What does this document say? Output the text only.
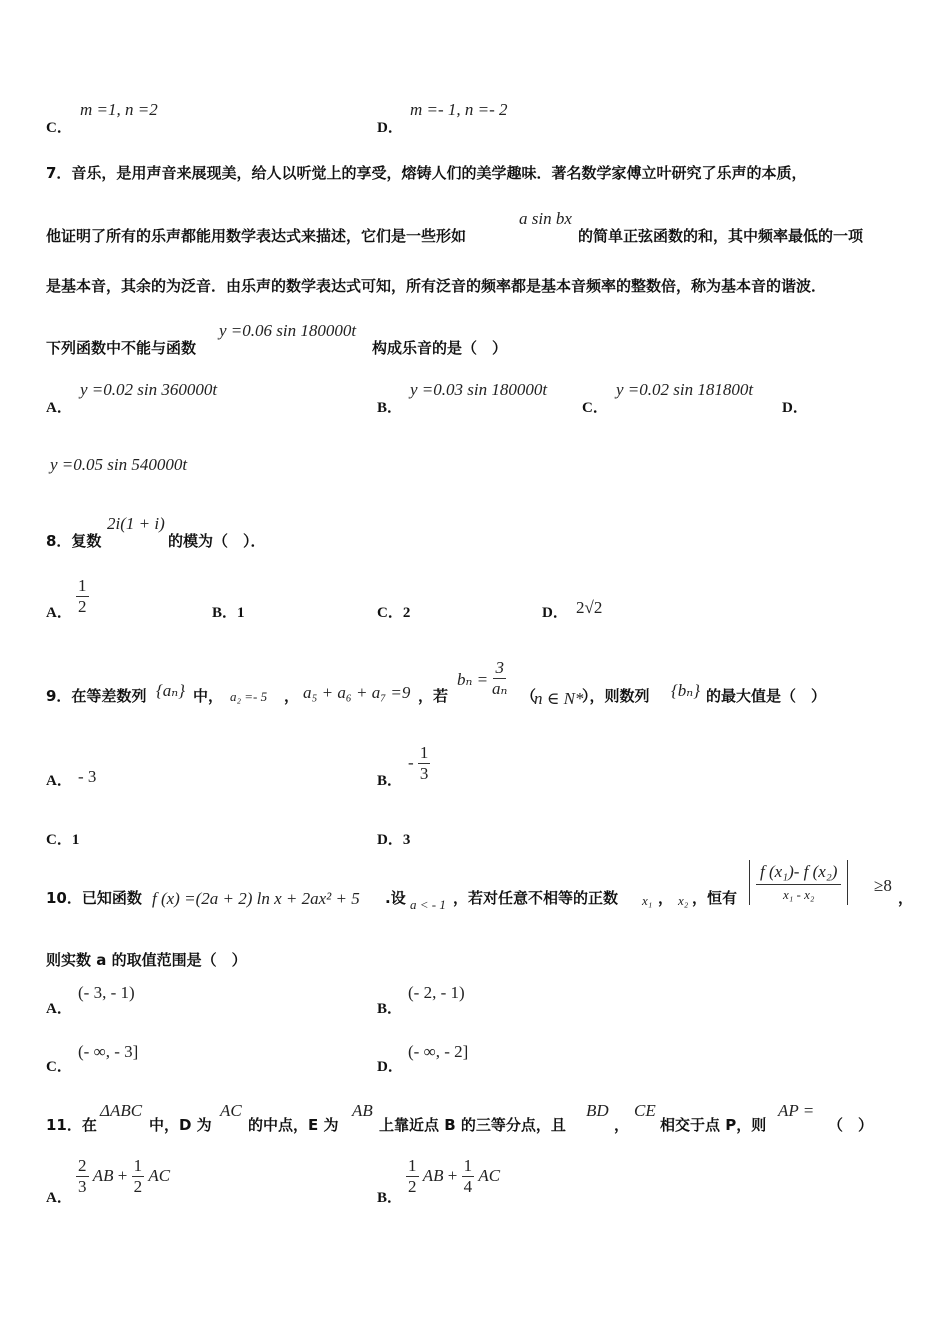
C．
m =1, n =2
D．
m =- 1, n =- 2
7．音乐，是用声音来展现美，给人以听觉上的享受，熔铸人们的美学趣味．著名数学家傅立叶研究了乐声的本质，
他证明了所有的乐声都能用数学表达式来描述，它们是一些形如
a sin bx
的简单正弦函数的和，其中频率最低的一项
是基本音，其余的为泛音．由乐声的数学表达式可知，所有泛音的频率都是基本音频率的整数倍，称为基本音的谐波．
下列函数中不能与函数
y =0.06 sin 180000t
构成乐音的是（　）
A．
y =0.02 sin 360000t
B．
y =0.03 sin 180000t
C．
y =0.02 sin 181800t
D．
y =0.05 sin 540000t
8．复数
2i(1 + i)
的模为（　）．
A． $\frac{1}{2}$	B．1	C．2	D． 2√2
9．在等差数列 {aₙ} 中， a₂ =- 5 ， a₅ + a₆ + a₇ =9 ，若
$b_n = \frac{3}{\text{aₙ}}$ （
n ∈ N*
），则数列 {bₙ} 的最大值是（　）
A． - 3	B．
- $\frac{1}{3}$
C．1	D．3
10．已知函数 f (x) =(2a + 2) ln x + 2ax² + 5 .设 a < - 1 ，若对任意不相等的正数 x₁ ， x₂ ，恒有 $\frac{\text{f (x₁)- f (x₂)}}{\text{x₁ - x₂}} \ge 8$
，
则实数 a 的取值范围是（　）
A．
(- 3, - 1)
B．
(- 2, - 1)
C．
(- ∞, - 3]
D．
(- ∞, - 2]
11．在
ΔABC
中，D 为
AC
的中点，E 为
AB
上靠近点 B 的三等分点，且
BD
，
CE
相交于点 P，则
AP =
（　）
A．
$\frac{2}{3}$ AB + $\frac{1}{2}$ AC
B．
$\frac{1}{2}$ AB + $\frac{1}{4}$ AC
